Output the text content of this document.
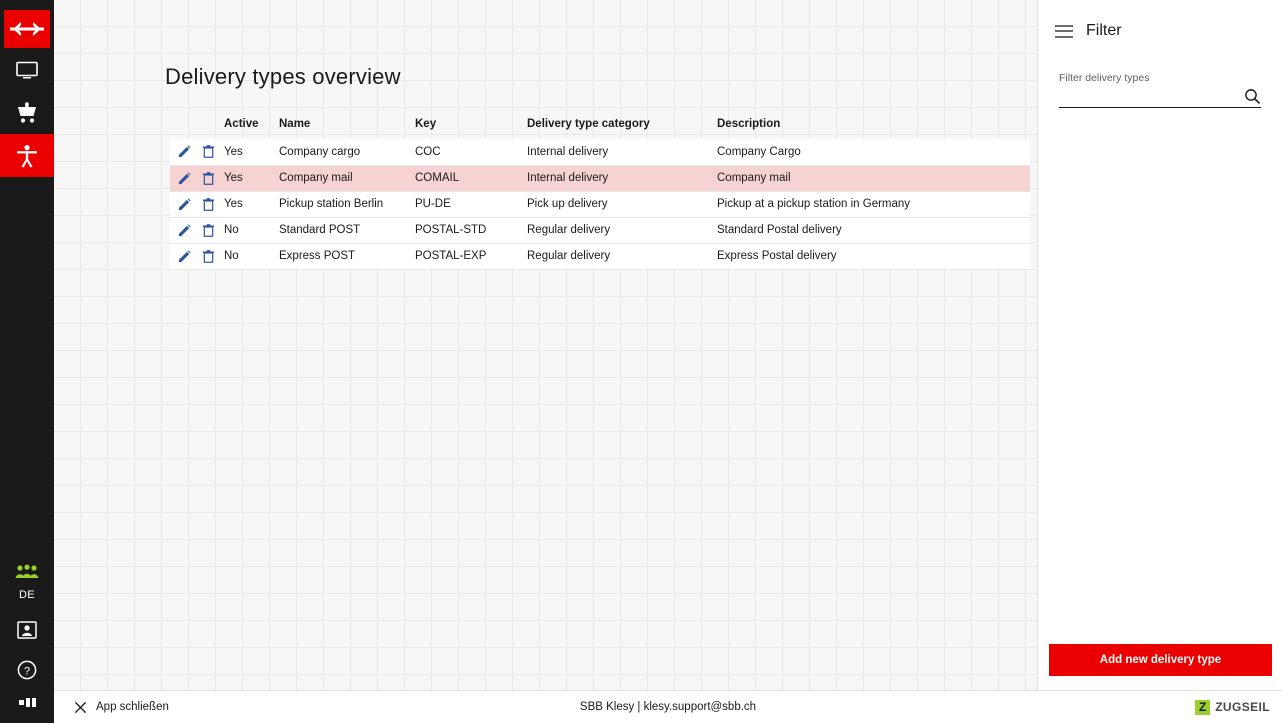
DE
?
Delivery types overview
	Active	Name	Key	Delivery type category	Description

	Yes	Company cargo	COC	Internal delivery	Company Cargo

	Yes	Company mail	COMAIL	Internal delivery	Company mail

	Yes	Pickup station Berlin	PU-DE	Pick up delivery	Pickup at a pickup station in Germany

	No	Standard POST	POSTAL-STD	Regular delivery	Standard Postal delivery

	No	Express POST	POSTAL-EXP	Regular delivery	Express Postal delivery
Filter
Filter delivery types
Add new delivery type
App schließen	SBB Klesy | klesy.support@sbb.ch	Z ZUGSEIL
